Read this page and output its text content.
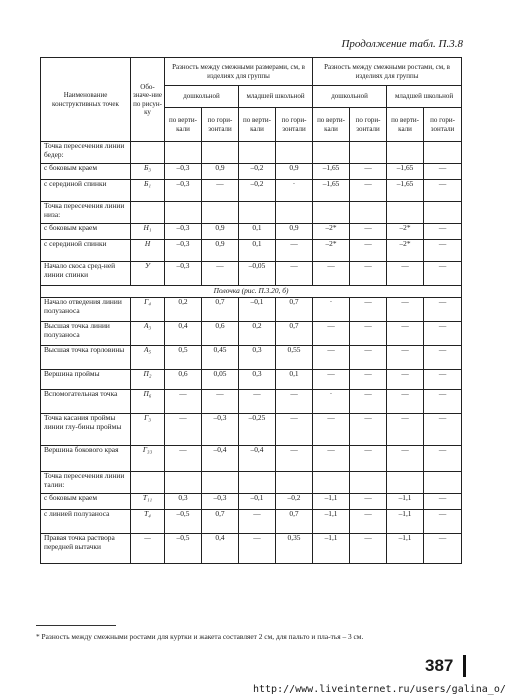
Продолжение табл. П.3.8
Наименование конструктивных точек	Обо-значе-ние по рисун-ку	Разность между смежными размерами, см, в изделиях для группы				Разность между смежными ростами, см, в изделиях для группы			
		дошкольной		младшей школьной		дошкольной		младшей школьной	
		по верти-кали	по гори-зонтали	по верти-кали	по гори-зонтали	по верти-кали	по гори-зонтали	по верти-кали	по гори-зонтали
Точка пересечения линии бедер:									
с боковым краем	Б₃	–0,3	0,9	–0,2	0,9	–1,65	—	–1,65	—
с серединой спинки	Б₁	–0,3	—	–0,2	·	–1,65	—	–1,65	—
Точка пересечения линии низа:									
с боковым краем	Н₁	–0,3	0,9	0,1	0,9	–2*	—	–2*	—
с серединой спинки	Н	–0,3	0,9	0,1	—	–2*	—	–2*	—
Начало скоса сред-ней линии спинки	У	–0,3	—	–0,05	—	—	—	—	—
Полочка (рис. П.3.20, б)									
Начало отведения линии полузаноса	Г₄	0,2	0,7	–0,1	0,7	·	—	—	—
Высшая точка линии полузаноса	А₃	0,4	0,6	0,2	0,7	—	—	—	—
Высшая точка горловины	А₅	0,5	0,45	0,3	0,55	—	—	—	—
Вершина проймы	П₂	0,6	0,05	0,3	0,1	—	—	—	—
Вспомогательная точка	П₆	—	—	—	—	·	—	—	—
Точка касания проймы линии глу-бины проймы	Г₃	—	–0,3	–0,25	—	—	—	—	—
Вершина бокового края	Г₃₃	—	–0,4	–0,4	—	—	—	—	—
Точка пересечения линии талии:									
с боковым краем	Т₁₁	0,3	–0,3	–0,1	–0,2	–1,1	—	–1,1	—
с линией полузаноса	Т₄	–0,5	0,7	—	0,7	–1,1	—	–1,1	—
Правая точка раствора передней вытачки	—	–0,5	0,4	—	0,35	–1,1	—	–1,1	—
* Разность между смежными ростами для куртки и жакета составляет 2 см, для пальто и пла-тья – 3 см.
387
http://www.liveinternet.ru/users/galina_o/
